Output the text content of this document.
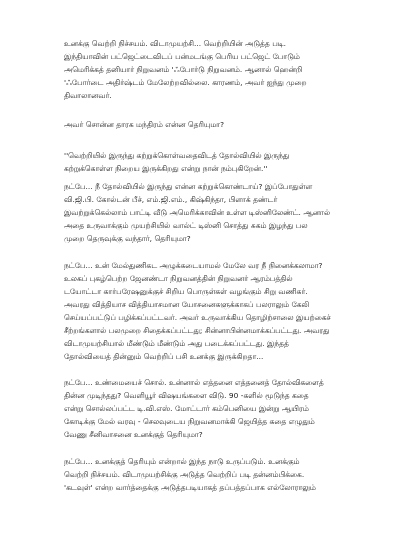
உனக்கு வெற்றி நிச்சயம். விடாமுயற்சி... வெற்றியின் அடுத்த படி.
இந்தியாவின் பட்ஜெட்டைவிடப் பன்மடங்கு பெரிய பட்ஜெட் போடும்
அமெரிக்கத் தனியார் நிறுவனம் 'ஃபோர்டு நிறுவனம். ஆனால் ஹென்றி
'ஃபோர்டை அதிர்ஷ்டம் மேலேற்றவில்லை. காரணம், அவர் ஐந்து முறை
திவாலானவர்.
அவர் சொன்ன தாரக மந்திரம் என்ன தெரியுமா?
''வெற்றியில் இருந்து கற்றுக்கொள்வதைவிடத் தோல்வியில் இருந்து
கற்றுக்கொள்ள நிறைய இருக்கிறது என்று நான் நம்புகிறேன்.''
நட்பே... நீ தோல்வியில் இருந்து என்ன கற்றுக்கொண்டாய்? இப்போதுள்ள
வி.ஜி.பி. கோல்டன் பீச், எம்.ஜி.எம்., கிஷ்கிந்தா, பிளாக் தண்டர்
இவற்றுக்கெல்லாம் பாட்டி வீடு அமெரிக்காவின் உள்ள டிஸ்னிலேண்ட். ஆனால்
அதை உருவாக்கும் முயற்சியில் வால்ட் டிஸ்னி சொத்து சுகம் இழந்து பல
முறை தெருவுக்கு வந்தார், தெரியுமா?
நட்பே... உன் மேல்துணிகட அழுக்கடையாமல் மேலே வர நீ நினைக்கலாமா?
உலகப் புகழ்பெற்ற ஜேனண்டா நிறுவனத்தின் நிறுவனர் ஆரம்பத்தில்
டயோட்டா கார்பரேஷனுக்குச் சிறிய பொருள்கள் வழங்கும் சிறு வணிகர்.
அவரது வித்தியாச வித்தியாசமான யோசனைகளுக்காகப் பலராலும் கேலி
செய்யப்பட்டுப் பழிக்கப்பட்டவர். அவர் உருவாக்கிய தொழிற்சாலை இயற்கைச்
சீற்றங்களால் பலமுறை சிதைக்கப்பட்டது; சின்னாபின்னமாக்கப்பட்டது. அவரது
விடாமுயற்சியால் மீண்டும் மீண்டும் அது படைக்கப்பட்டது. இந்தத்
தோல்வியைத் தின்னும் வெற்றிப் பசி உனக்கு இருக்கிறதா...
நட்பே... உண்மையைச் சொல். உன்னால் எத்தனை எத்தனைத் தோல்விகளைத்
தின்ன முடிந்தது? வெளியூர் விஷயங்களை விடு. 90 -களில் மூடுந்த கதை
என்று சொல்லப்பட்ட டி.வி.எஸ். மோட்டார் கம்பெனியை இன்று ஆயிரம்
கோடிக்கு மேல் வரவு - செலவுடைய நிறுவனமாக்கி ஜெயித்த கதை எழுதும்
வேணு சீனிவாசனை உனக்குத் தெரியுமா?
நட்பே... உனக்குத் தெரியும் என்றால் இந்த நாடு உருப்படும். உனக்கும்
வெற்றி நிச்சயம். விடாமுயற்சிக்கு அடுத்த வெற்றிப் படி தன்னம்பிக்கை.
'கடவுள்' என்ற வார்த்தைக்கு அடுத்தபடியாகத் தப்பத்தப்பாக எல்லோராலும்
